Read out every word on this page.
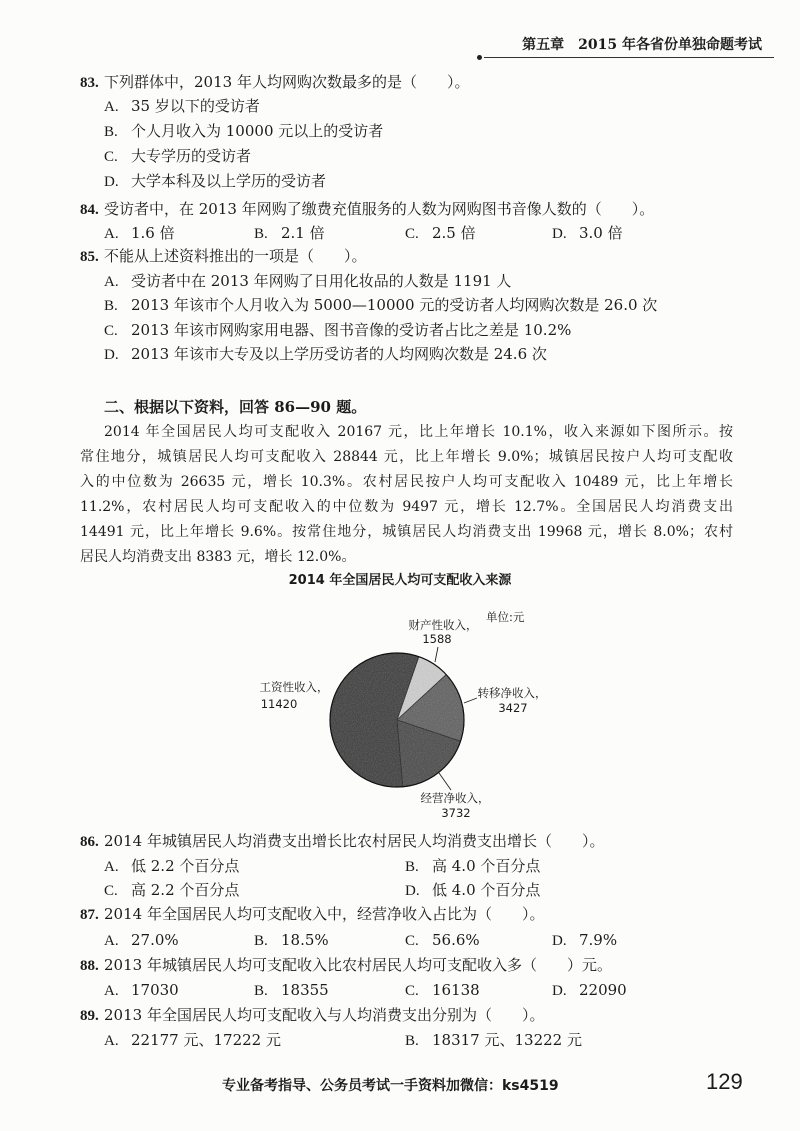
第五章 2015 年各省份单独命题考试
83. 下列群体中，2013 年人均网购次数最多的是（　　）。
A. 35 岁以下的受访者
B. 个人月收入为 10000 元以上的受访者
C. 大专学历的受访者
D. 大学本科及以上学历的受访者
84. 受访者中，在 2013 年网购了缴费充值服务的人数为网购图书音像人数的（　　）。
A. 1.6 倍	B. 2.1 倍	C. 2.5 倍	D. 3.0 倍
85. 不能从上述资料推出的一项是（　　）。
A. 受访者中在 2013 年网购了日用化妆品的人数是 1191 人
B. 2013 年该市个人月收入为 5000—10000 元的受访者人均网购次数是 26.0 次
C. 2013 年该市网购家用电器、图书音像的受访者占比之差是 10.2%
D. 2013 年该市大专及以上学历受访者的人均网购次数是 24.6 次
二、根据以下资料，回答 86—90 题。
2014 年全国居民人均可支配收入 20167 元，比上年增长 10.1%，收入来源如下图所示。按
常住地分，城镇居民人均可支配收入 28844 元，比上年增长 9.0%；城镇居民按户人均可支配收
入的中位数为 26635 元，增长 10.3%。农村居民按户人均可支配收入 10489 元，比上年增长
11.2%，农村居民人均可支配收入的中位数为 9497 元，增长 12.7%。全国居民人均消费支出
14491 元，比上年增长 9.6%。按常住地分，城镇居民人均消费支出 19968 元，增长 8.0%；农村
居民人均消费支出 8383 元，增长 12.0%。
2014 年全国居民人均可支配收入来源
单位:元
财产性收入，
1588
转移净收入，
3427
经营净收入，
3732
工资性收入，
11420
86. 2014 年城镇居民人均消费支出增长比农村居民人均消费支出增长（　　）。
A. 低 2.2 个百分点	B. 高 4.0 个百分点
C. 高 2.2 个百分点	D. 低 4.0 个百分点
87. 2014 年全国居民人均可支配收入中，经营净收入占比为（　　）。
A. 27.0%	B. 18.5%	C. 56.6%	D. 7.9%
88. 2013 年城镇居民人均可支配收入比农村居民人均可支配收入多（　　）元。
A. 17030	B. 18355	C. 16138	D. 22090
89. 2013 年全国居民人均可支配收入与人均消费支出分别为（　　）。
A. 22177 元、17222 元	B. 18317 元、13222 元
专业备考指导、公务员考试一手资料加微信：ks4519	129
